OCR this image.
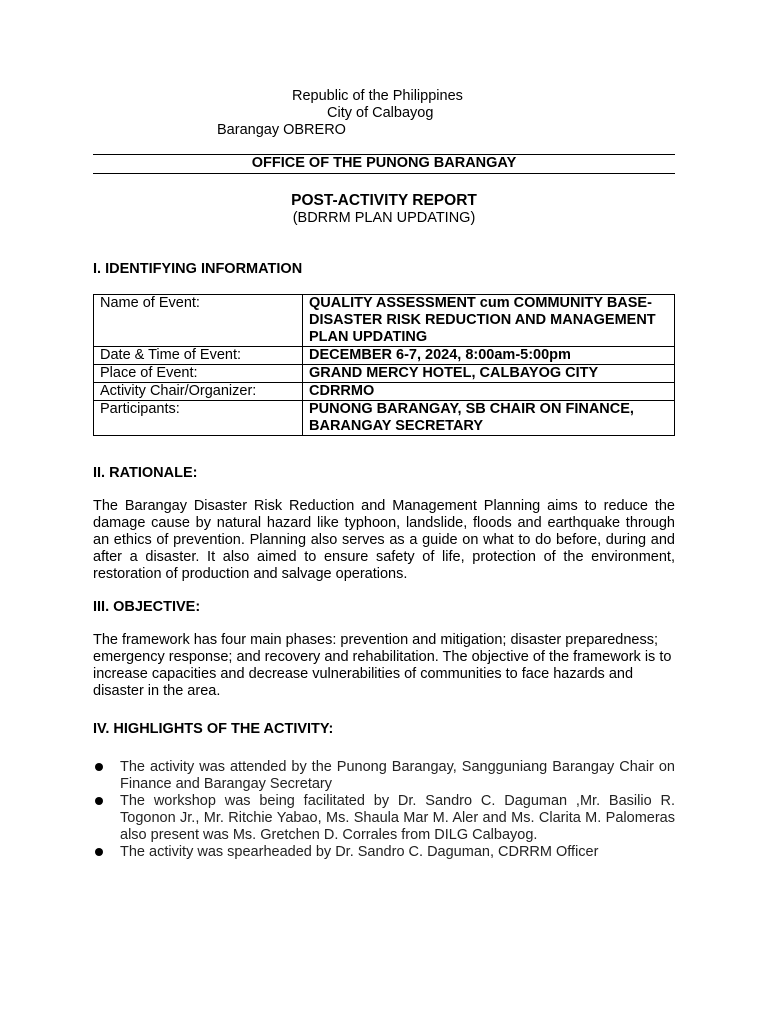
Republic of the Philippines
City of Calbayog
Barangay OBRERO
OFFICE OF THE PUNONG BARANGAY
POST-ACTIVITY REPORT
(BDRRM PLAN UPDATING)
I. IDENTIFYING INFORMATION
Name of Event:	QUALITY ASSESSMENT cum COMMUNITY BASE-DISASTER RISK REDUCTION AND MANAGEMENT PLAN UPDATING
Date & Time of Event:	DECEMBER 6-7, 2024, 8:00am-5:00pm
Place of Event:	GRAND MERCY HOTEL, CALBAYOG CITY
Activity Chair/Organizer:	CDRRMO
Participants:	PUNONG BARANGAY, SB CHAIR ON FINANCE, BARANGAY SECRETARY
II. RATIONALE:
The Barangay Disaster Risk Reduction and Management Planning aims to reduce the damage cause by natural hazard like typhoon, landslide, floods and earthquake through an ethics of prevention. Planning also serves as a guide on what to do before, during and after a disaster. It also aimed to ensure safety of life, protection of the environment, restoration of production and salvage operations.
III. OBJECTIVE:
The framework has four main phases: prevention and mitigation; disaster preparedness; emergency response; and recovery and rehabilitation. The objective of the framework is to increase capacities and decrease vulnerabilities of communities to face hazards and disaster in the area.
IV. HIGHLIGHTS OF THE ACTIVITY:
The activity was attended by the Punong Barangay, Sangguniang Barangay Chair on Finance and Barangay Secretary
The workshop was being facilitated by Dr. Sandro C. Daguman ,Mr. Basilio R. Togonon Jr., Mr. Ritchie Yabao, Ms. Shaula Mar M. Aler and Ms. Clarita M. Palomeras also present was Ms. Gretchen D. Corrales from DILG Calbayog.
The activity was spearheaded by Dr. Sandro C. Daguman, CDRRM Officer
